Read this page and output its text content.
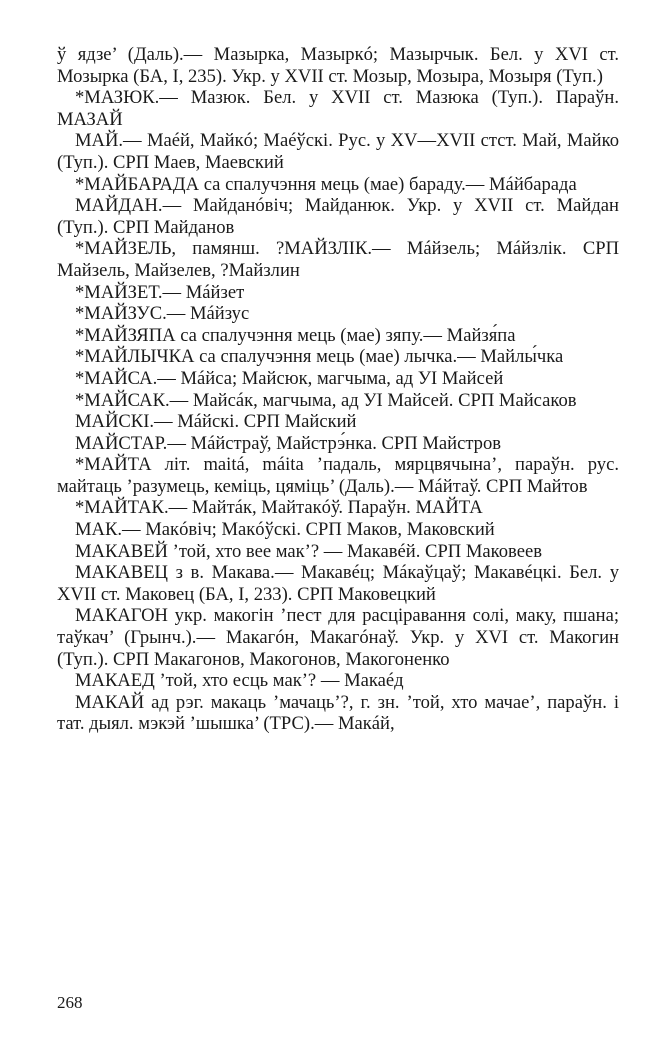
ў ядзе’ (Даль).— Мазырка, Мазыркó; Мазырчык. Бел. у XVI ст. Мозырка (БА, I, 235). Укр. у XVII ст. Мозыр, Мозыра, Мозыря (Туп.)

*МАЗЮК.— Мазюк. Бел. у XVII ст. Мазюка (Туп.). Параўн. МАЗАЙ

МАЙ.— Маéй, Майкó; Маéўскі. Рус. у XV—XVII стст. Май, Майко (Туп.). СРП Маев, Маевский

*МАЙБАРАДА са спалучэння мець (мае) бараду.— Мáйбарада

МАЙДАН.— Майданóвіч; Майданюк. Укр. у XVII ст. Майдан (Туп.). СРП Майданов

*МАЙЗЕЛЬ, памянш. ?МАЙЗЛІК.— Мáйзель; Мáйзлік. СРП Майзель, Майзелев, ?Майзлин

*МАЙЗЕТ.— Мáйзет

*МАЙЗУС.— Мáйзус

*МАЙЗЯПА са спалучэння мець (мае) зяпу.— Майзя́па

*МАЙЛЫЧКА са спалучэння мець (мае) лычка.— Майлы́чка

*МАЙСА.— Мáйса; Майсюк, магчыма, ад УІ Майсей

*МАЙСАК.— Майсáк, магчыма, ад УІ Майсей. СРП Майсаков

МАЙСКІ.— Мáйскі. СРП Майский

МАЙСТАР.— Мáйстраў, Майстрэ́нка. СРП Майстров

*МАЙТА літ. maitá, máita ’падаль, мярцвячына’, параўн. рус. майтаць ’разумець, кеміць, цяміць’ (Даль).— Мáйтаў. СРП Майтов

*МАЙТАК.— Майтáк, Майтакóў. Параўн. МАЙТА

МАК.— Макóвіч; Макóўскі. СРП Маков, Маковский

МАКАВЕЙ ’той, хто вее мак’? — Макавéй. СРП Маковеев

МАКАВЕЦ з в. Макава.— Макавéц; Мáкаўцаў; Макавéцкі. Бел. у XVII ст. Маковец (БА, I, 233). СРП Маковецкий

МАКАГОН укр. макогін ’пест для расціравання солі, маку, пшана; таўкач’ (Грынч.).— Макагóн, Макагóнаў. Укр. у XVI ст. Макогин (Туп.). СРП Макагонов, Макогонов, Макогоненко

МАКАЕД ’той, хто есць мак’? — Макаéд

МАКАЙ ад рэг. макаць ’мачаць’?, г. зн. ’той, хто мачае’, параўн. і тат. дыял. мэкэй ’шышка’ (ТРС).— Макáй,

268
